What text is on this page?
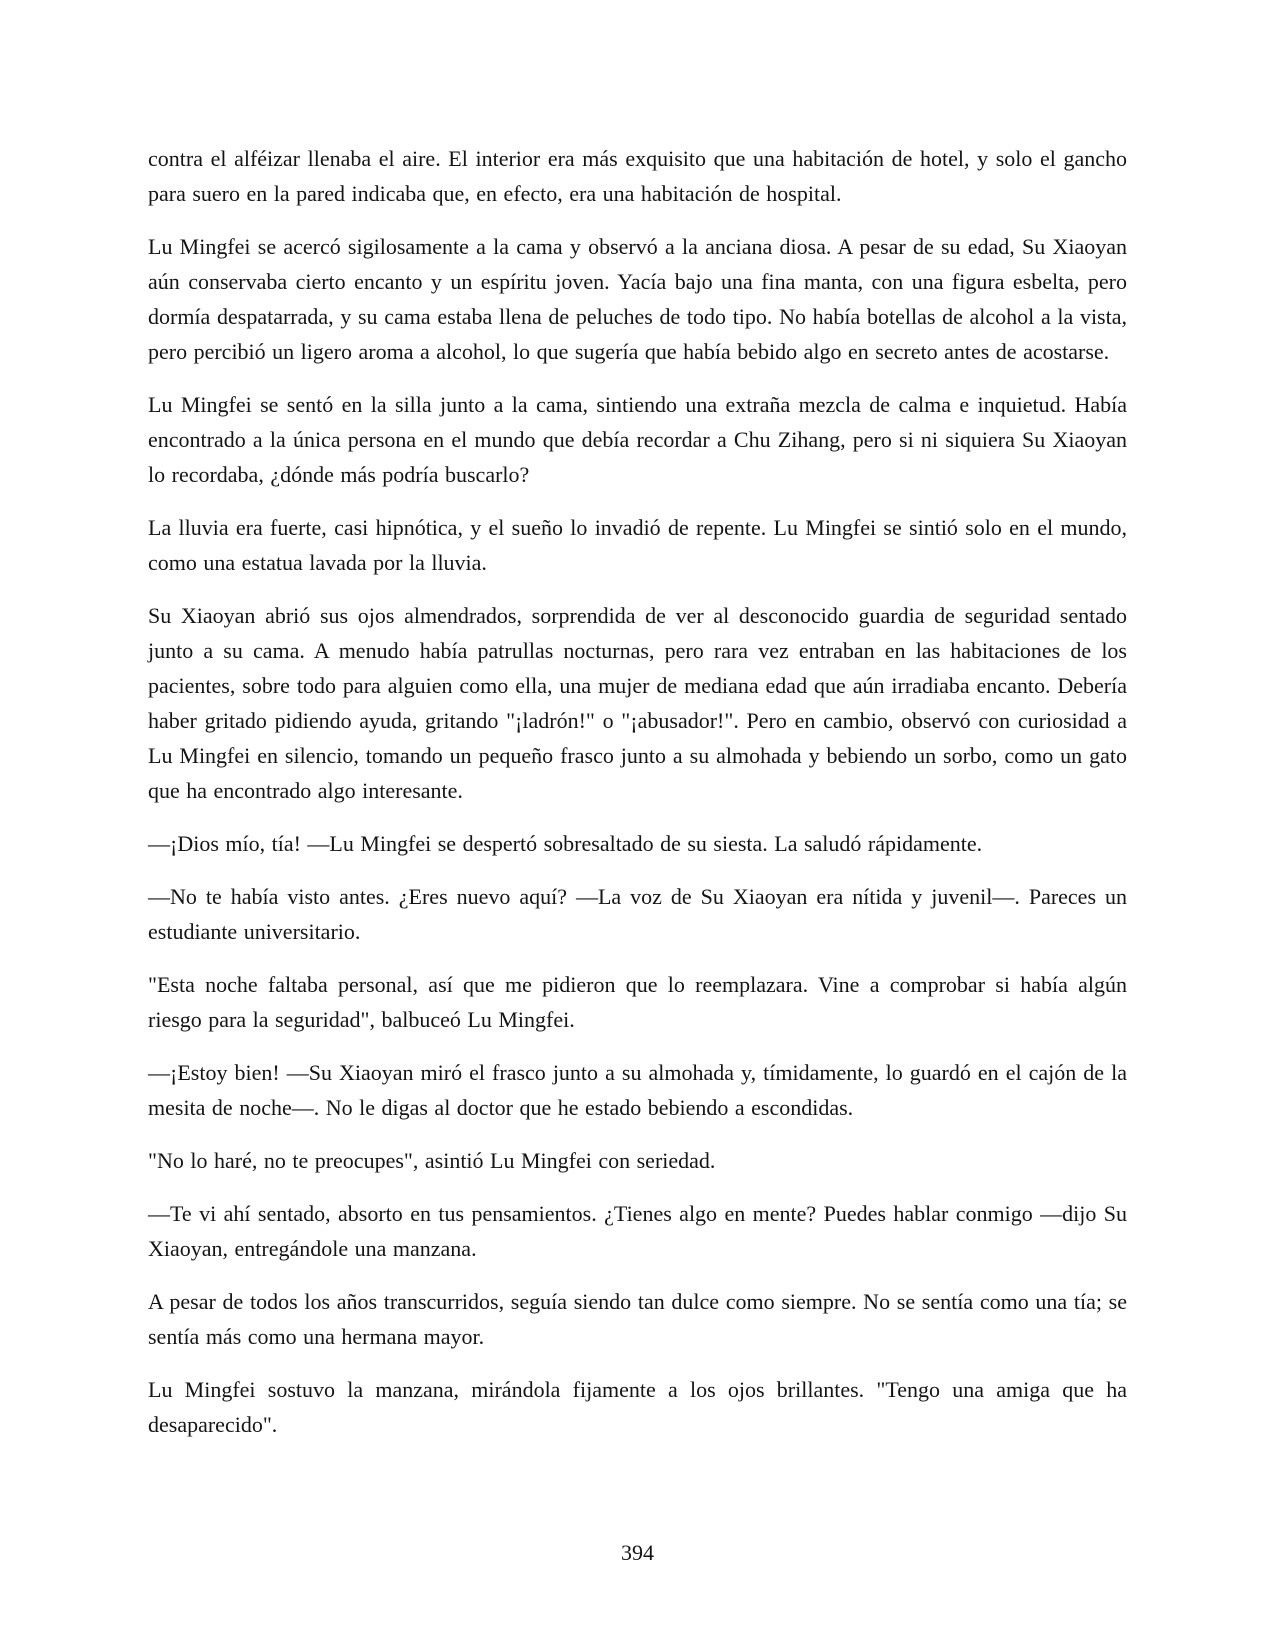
contra el alféizar llenaba el aire. El interior era más exquisito que una habitación de hotel, y solo el gancho para suero en la pared indicaba que, en efecto, era una habitación de hospital.

Lu Mingfei se acercó sigilosamente a la cama y observó a la anciana diosa. A pesar de su edad, Su Xiaoyan aún conservaba cierto encanto y un espíritu joven. Yacía bajo una fina manta, con una figura esbelta, pero dormía despatarrada, y su cama estaba llena de peluches de todo tipo. No había botellas de alcohol a la vista, pero percibió un ligero aroma a alcohol, lo que sugería que había bebido algo en secreto antes de acostarse.

Lu Mingfei se sentó en la silla junto a la cama, sintiendo una extraña mezcla de calma e inquietud. Había encontrado a la única persona en el mundo que debía recordar a Chu Zihang, pero si ni siquiera Su Xiaoyan lo recordaba, ¿dónde más podría buscarlo?

La lluvia era fuerte, casi hipnótica, y el sueño lo invadió de repente. Lu Mingfei se sintió solo en el mundo, como una estatua lavada por la lluvia.

Su Xiaoyan abrió sus ojos almendrados, sorprendida de ver al desconocido guardia de seguridad sentado junto a su cama. A menudo había patrullas nocturnas, pero rara vez entraban en las habitaciones de los pacientes, sobre todo para alguien como ella, una mujer de mediana edad que aún irradiaba encanto. Debería haber gritado pidiendo ayuda, gritando "¡ladrón!" o "¡abusador!". Pero en cambio, observó con curiosidad a Lu Mingfei en silencio, tomando un pequeño frasco junto a su almohada y bebiendo un sorbo, como un gato que ha encontrado algo interesante.

—¡Dios mío, tía! —Lu Mingfei se despertó sobresaltado de su siesta. La saludó rápidamente.

—No te había visto antes. ¿Eres nuevo aquí? —La voz de Su Xiaoyan era nítida y juvenil—. Pareces un estudiante universitario.

"Esta noche faltaba personal, así que me pidieron que lo reemplazara. Vine a comprobar si había algún riesgo para la seguridad", balbuceó Lu Mingfei.

—¡Estoy bien! —Su Xiaoyan miró el frasco junto a su almohada y, tímidamente, lo guardó en el cajón de la mesita de noche—. No le digas al doctor que he estado bebiendo a escondidas.

"No lo haré, no te preocupes", asintió Lu Mingfei con seriedad.

—Te vi ahí sentado, absorto en tus pensamientos. ¿Tienes algo en mente? Puedes hablar conmigo —dijo Su Xiaoyan, entregándole una manzana.

A pesar de todos los años transcurridos, seguía siendo tan dulce como siempre. No se sentía como una tía; se sentía más como una hermana mayor.

Lu Mingfei sostuvo la manzana, mirándola fijamente a los ojos brillantes. "Tengo una amiga que ha desaparecido".

394
